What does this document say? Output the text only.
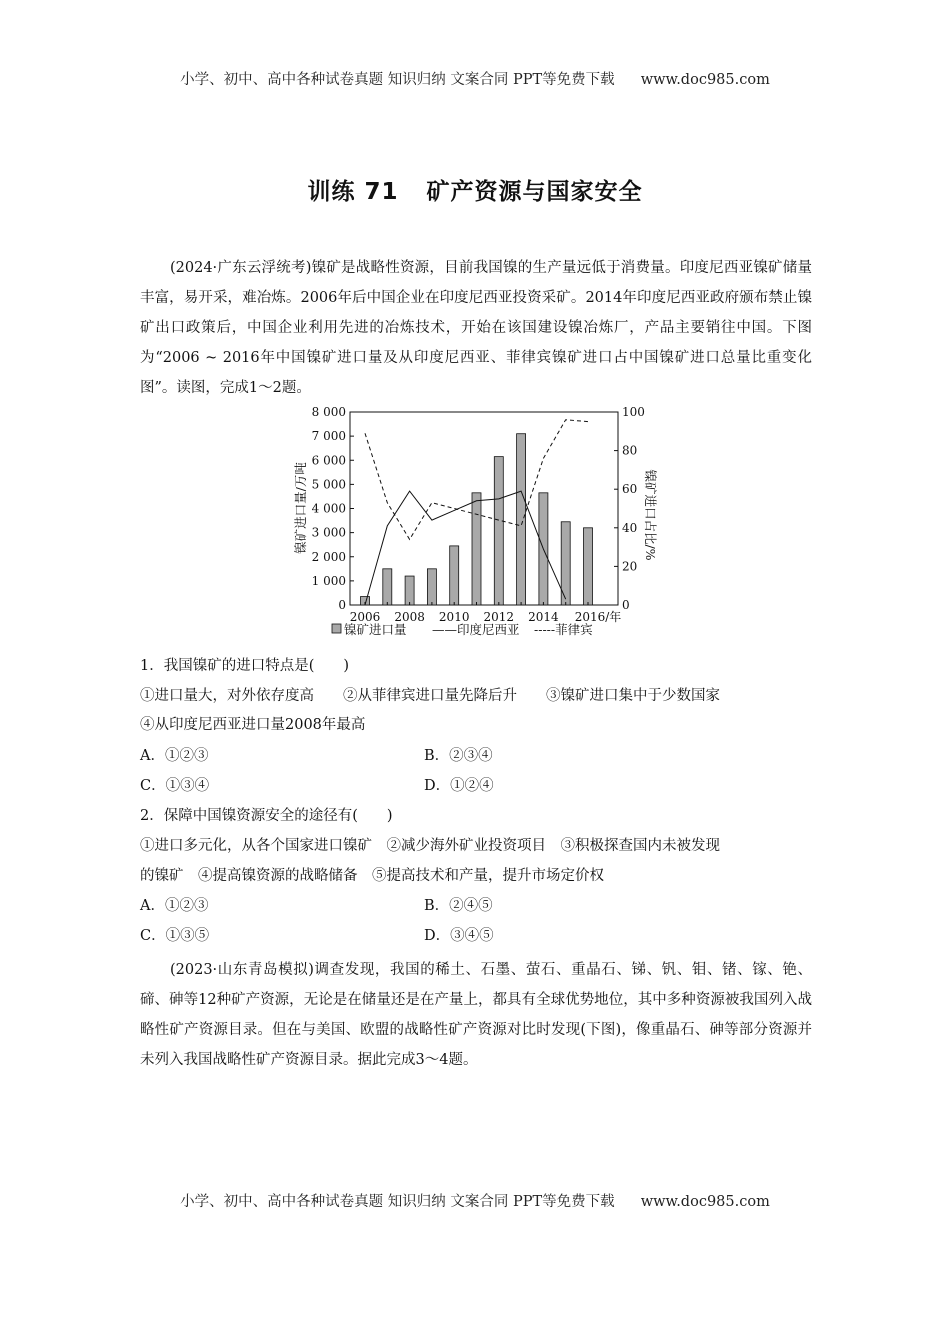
小学、初中、高中各种试卷真题 知识归纳 文案合同 PPT等免费下载 www.doc985.com
训练 71 矿产资源与国家安全
(2024·广东云浮统考)镍矿是战略性资源，目前我国镍的生产量远低于消费量。印度尼西亚镍矿储量丰富，易开采，难冶炼。2006年后中国企业在印度尼西亚投资采矿。2014年印度尼西亚政府颁布禁止镍矿出口政策后，中国企业利用先进的冶炼技术，开始在该国建设镍冶炼厂，产品主要销往中国。下图为“2006 ~ 2016年中国镍矿进口量及从印度尼西亚、菲律宾镍矿进口占中国镍矿进口总量比重变化图”。读图，完成1～2题。
0
1 000
2 000
3 000
4 000
5 000
6 000
7 000
8 000
0
20
40
60
80
100
2006 2008 2010 2012 2014 2016/年
镍矿进口量/万吨	镍矿进口占比/%
镍矿进口量 ——印度尼西亚 -----菲律宾
1．我国镍矿的进口特点是(　　)
①进口量大，对外依存度高　　②从菲律宾进口量先降后升　　③镍矿进口集中于少数国家
④从印度尼西亚进口量2008年最高
A．①②③	B．②③④
C．①③④	D．①②④
2．保障中国镍资源安全的途径有(　　)
①进口多元化，从各个国家进口镍矿　②减少海外矿业投资项目　③积极探查国内未被发现
的镍矿　④提高镍资源的战略储备　⑤提高技术和产量，提升市场定价权
A．①②③	B．②④⑤
C．①③⑤	D．③④⑤
(2023·山东青岛模拟)调查发现，我国的稀土、石墨、萤石、重晶石、锑、钒、钼、锗、镓、铯、碲、砷等12种矿产资源，无论是在储量还是在产量上，都具有全球优势地位，其中多种资源被我国列入战略性矿产资源目录。但在与美国、欧盟的战略性矿产资源对比时发现(下图)，像重晶石、砷等部分资源并未列入我国战略性矿产资源目录。据此完成3～4题。
小学、初中、高中各种试卷真题 知识归纳 文案合同 PPT等免费下载 www.doc985.com
